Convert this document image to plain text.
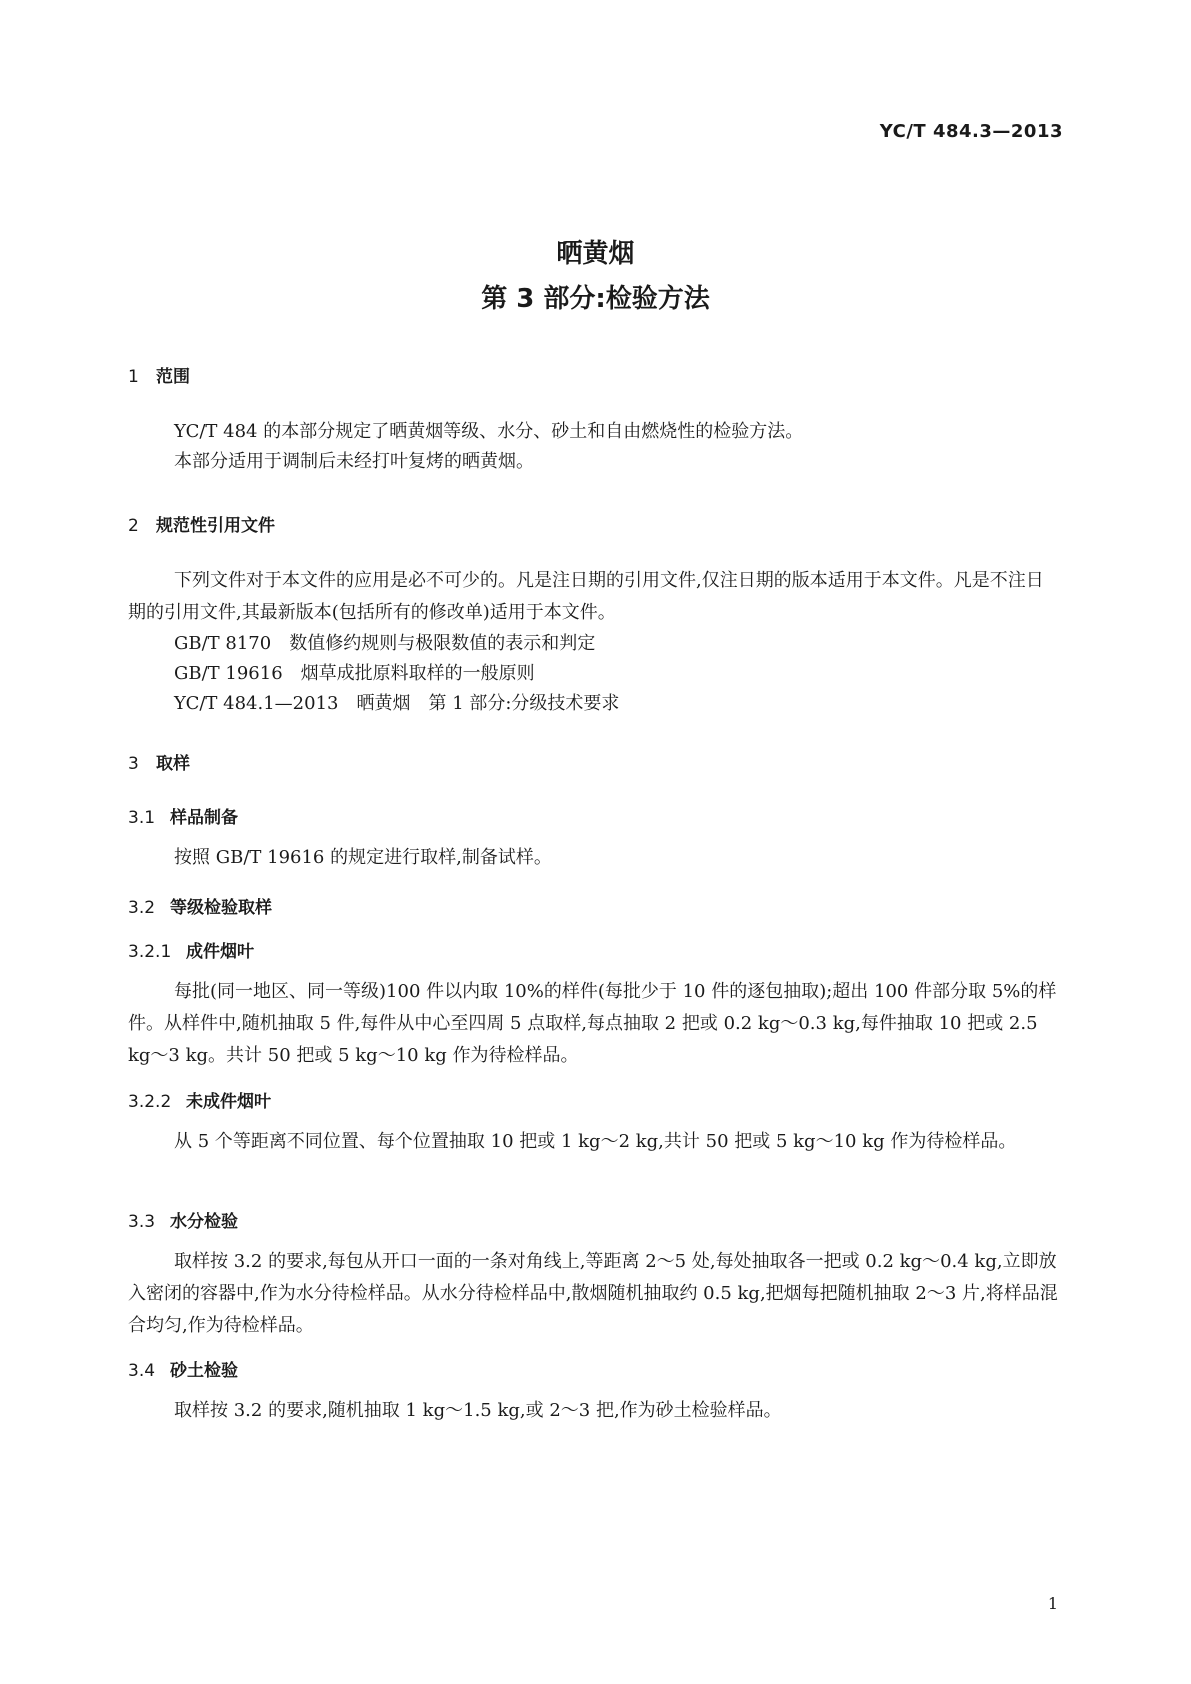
YC/T 484.3—2013
晒黄烟
第 3 部分:检验方法
1 范围
YC/T 484 的本部分规定了晒黄烟等级、水分、砂土和自由燃烧性的检验方法。
本部分适用于调制后未经打叶复烤的晒黄烟。
2 规范性引用文件
下列文件对于本文件的应用是必不可少的。凡是注日期的引用文件,仅注日期的版本适用于本文件。凡是不注日期的引用文件,其最新版本(包括所有的修改单)适用于本文件。
GB/T 8170　数值修约规则与极限数值的表示和判定
GB/T 19616　烟草成批原料取样的一般原则
YC/T 484.1—2013　晒黄烟　第 1 部分:分级技术要求
3 取样
3.1 样品制备
按照 GB/T 19616 的规定进行取样,制备试样。
3.2 等级检验取样
3.2.1 成件烟叶
每批(同一地区、同一等级)100 件以内取 10%的样件(每批少于 10 件的逐包抽取);超出 100 件部分取 5%的样件。从样件中,随机抽取 5 件,每件从中心至四周 5 点取样,每点抽取 2 把或 0.2 kg～0.3 kg,每件抽取 10 把或 2.5 kg～3 kg。共计 50 把或 5 kg～10 kg 作为待检样品。
3.2.2 未成件烟叶
从 5 个等距离不同位置、每个位置抽取 10 把或 1 kg～2 kg,共计 50 把或 5 kg～10 kg 作为待检样品。
3.3 水分检验
取样按 3.2 的要求,每包从开口一面的一条对角线上,等距离 2～5 处,每处抽取各一把或 0.2 kg～0.4 kg,立即放入密闭的容器中,作为水分待检样品。从水分待检样品中,散烟随机抽取约 0.5 kg,把烟每把随机抽取 2～3 片,将样品混合均匀,作为待检样品。
3.4 砂土检验
取样按 3.2 的要求,随机抽取 1 kg～1.5 kg,或 2～3 把,作为砂土检验样品。
1
